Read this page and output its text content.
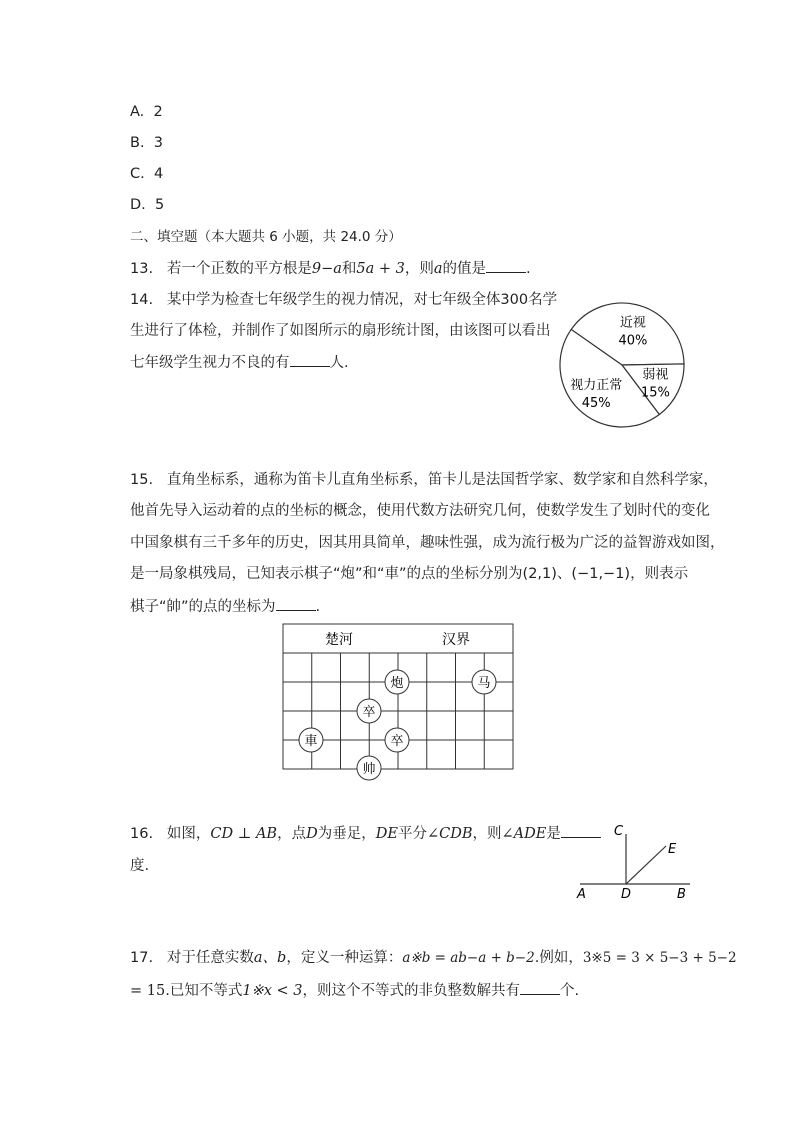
A. 2
B. 3
C. 4
D. 5
二、填空题（本大题共 6 小题，共 24.0 分）
13. 若一个正数的平方根是9−a和5a + 3，则a的值是	.
14. 某中学为检查七年级学生的视力情况，对七年级全体300名学
生进行了体检，并制作了如图所示的扇形统计图，由该图可以看出
七年级学生视力不良的有	人.
近视
40%
视力正常
45%
弱视
15%
15. 直角坐标系，通称为笛卡儿直角坐标系，笛卡儿是法国哲学家、数学家和自然科学家，
他首先导入运动着的点的坐标的概念，使用代数方法研究几何，使数学发生了划时代的变化
中国象棋有三千多年的历史，因其用具简单，趣味性强，成为流行极为广泛的益智游戏如图，
是一局象棋残局，已知表示棋子“炮”和“車”的点的坐标分别为(2,1)、(−1,−1)，则表示
棋子“帥”的点的坐标为	.
楚河	汉界
炮	马
卒
車	卒
帅
16. 如图，CD ⊥ AB，点D为垂足，DE平分∠CDB，则∠ADE是
度.
C
E
A	D	B
17. 对于任意实数a、b，定义一种运算：a※b = ab−a + b−2.例如，3※5 = 3 × 5−3 + 5−2
= 15.已知不等式1※x < 3，则这个不等式的非负整数解共有	个.
